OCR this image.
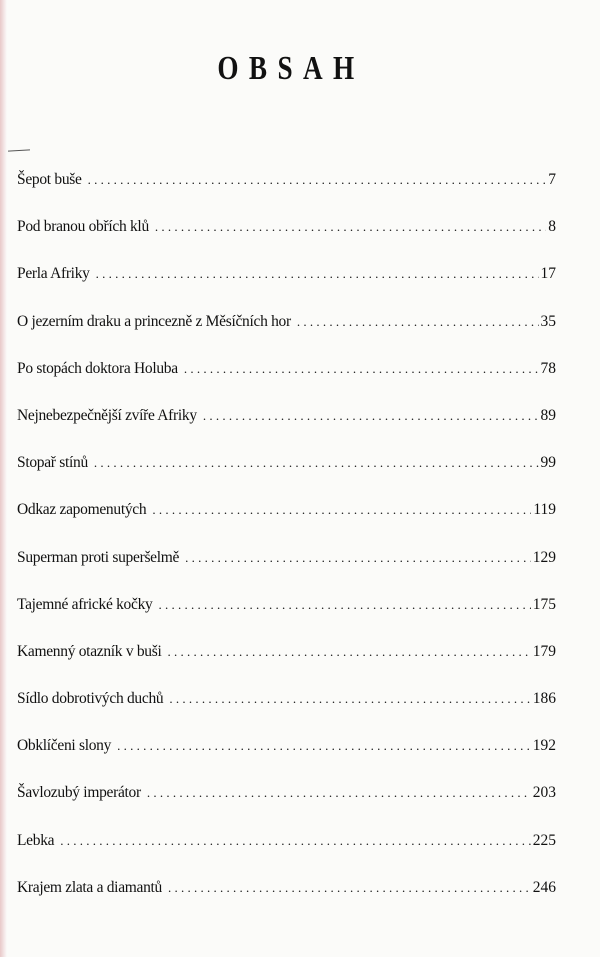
OBSAH
Šepot buše . . .	7
Pod branou obřích klů . . .	8
Perla Afriky . . .	17
O jezerním draku a princezně z Měsíčních hor . . .	35
Po stopách doktora Holuba . . .	78
Nejnebezpečnější zvíře Afriky . . .	89
Stopař stínů . . .	99
Odkaz zapomenutých . . .	119
Superman proti superšelmě . . .	129
Tajemné africké kočky . . .	175
Kamenný otazník v buši . . .	179
Sídlo dobrotivých duchů . . .	186
Obklíčeni slony . . .	192
Šavlozubý imperátor . . .	203
Lebka . . .	225
Krajem zlata a diamantů . . .	246
